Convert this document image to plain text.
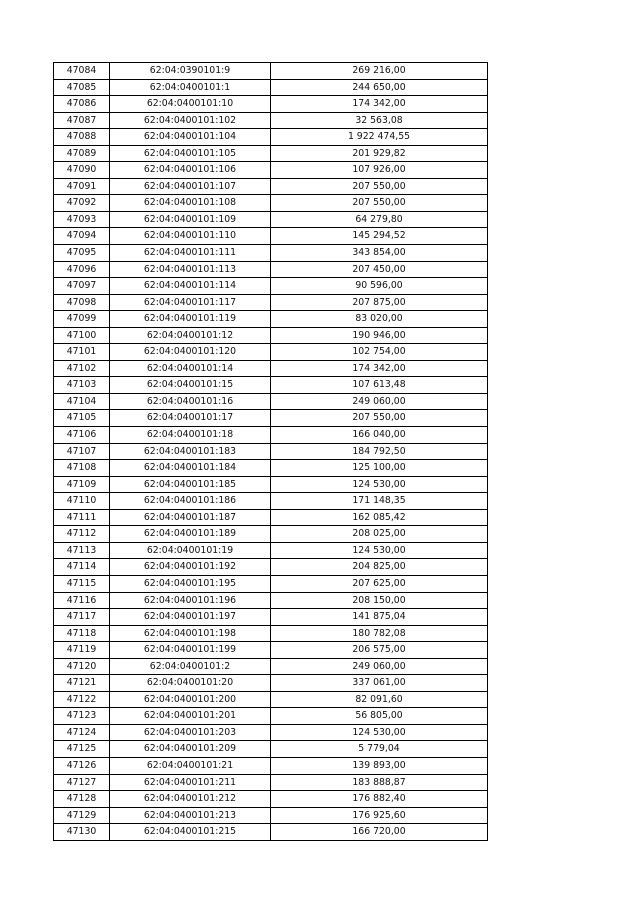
47084	62:04:0390101:9	269 216,00
47085	62:04:0400101:1	244 650,00
47086	62:04:0400101:10	174 342,00
47087	62:04:0400101:102	32 563,08
47088	62:04:0400101:104	1 922 474,55
47089	62:04:0400101:105	201 929,82
47090	62:04:0400101:106	107 926,00
47091	62:04:0400101:107	207 550,00
47092	62:04:0400101:108	207 550,00
47093	62:04:0400101:109	64 279,80
47094	62:04:0400101:110	145 294,52
47095	62:04:0400101:111	343 854,00
47096	62:04:0400101:113	207 450,00
47097	62:04:0400101:114	90 596,00
47098	62:04:0400101:117	207 875,00
47099	62:04:0400101:119	83 020,00
47100	62:04:0400101:12	190 946,00
47101	62:04:0400101:120	102 754,00
47102	62:04:0400101:14	174 342,00
47103	62:04:0400101:15	107 613,48
47104	62:04:0400101:16	249 060,00
47105	62:04:0400101:17	207 550,00
47106	62:04:0400101:18	166 040,00
47107	62:04:0400101:183	184 792,50
47108	62:04:0400101:184	125 100,00
47109	62:04:0400101:185	124 530,00
47110	62:04:0400101:186	171 148,35
47111	62:04:0400101:187	162 085,42
47112	62:04:0400101:189	208 025,00
47113	62:04:0400101:19	124 530,00
47114	62:04:0400101:192	204 825,00
47115	62:04:0400101:195	207 625,00
47116	62:04:0400101:196	208 150,00
47117	62:04:0400101:197	141 875,04
47118	62:04:0400101:198	180 782,08
47119	62:04:0400101:199	206 575,00
47120	62:04:0400101:2	249 060,00
47121	62:04:0400101:20	337 061,00
47122	62:04:0400101:200	82 091,60
47123	62:04:0400101:201	56 805,00
47124	62:04:0400101:203	124 530,00
47125	62:04:0400101:209	5 779,04
47126	62:04:0400101:21	139 893,00
47127	62:04:0400101:211	183 888,87
47128	62:04:0400101:212	176 882,40
47129	62:04:0400101:213	176 925,60
47130	62:04:0400101:215	166 720,00
